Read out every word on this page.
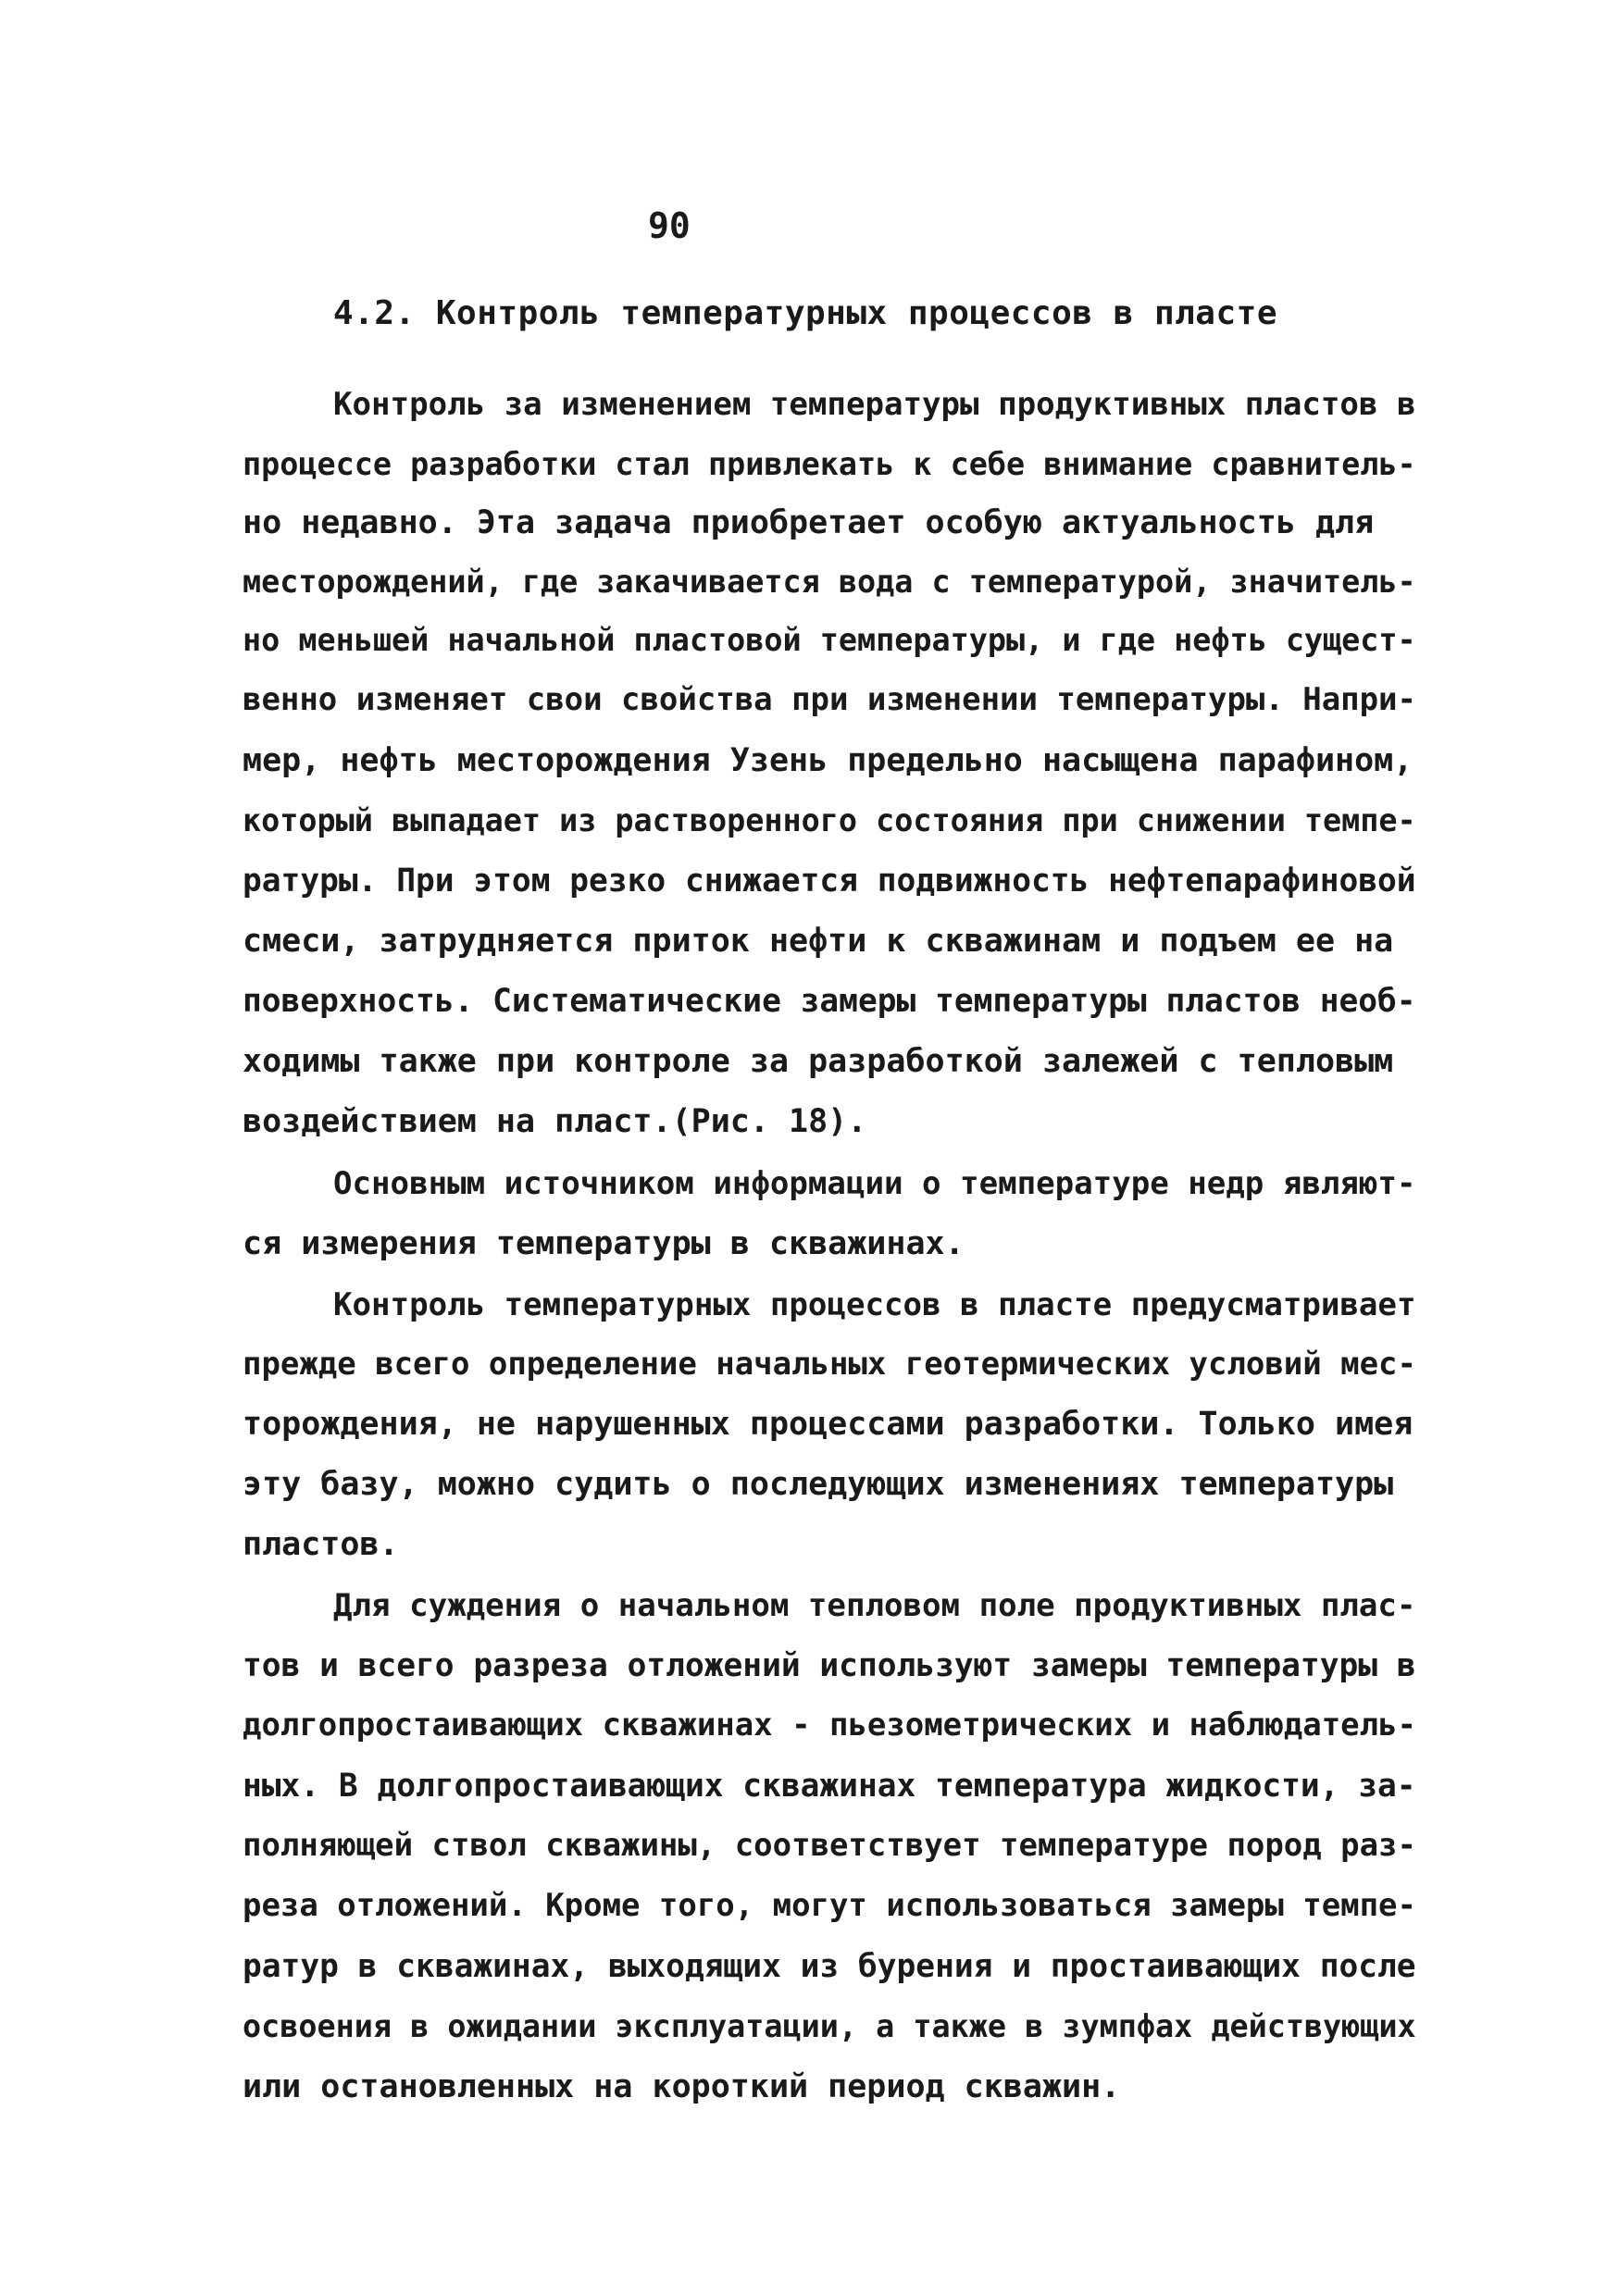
90
4.2. Контроль температурных процессов в пласте
Контроль за изменением температуры продуктивных пластов в
процессе разработки стал привлекать к себе внимание сравнитель-
но недавно. Эта задача приобретает особую актуальность для
месторождений, где закачивается вода с температурой, значитель-
но меньшей начальной пластовой температуры, и где нефть сущест-
венно изменяет свои свойства при изменении температуры. Напри-
мер, нефть месторождения Узень предельно насыщена парафином,
который выпадает из растворенного состояния при снижении темпе-
ратуры. При этом резко снижается подвижность нефтепарафиновой
смеси, затрудняется приток нефти к скважинам и подъем ее на
поверхность. Систематические замеры температуры пластов необ-
ходимы также при контроле за разработкой залежей с тепловым
воздействием на пласт.(Рис. 18).
Основным источником информации о температуре недр являют-
ся измерения температуры в скважинах.
Контроль температурных процессов в пласте предусматривает
прежде всего определение начальных геотермических условий мес-
торождения, не нарушенных процессами разработки. Только имея
эту базу, можно судить о последующих изменениях температуры
пластов.
Для суждения о начальном тепловом поле продуктивных плас-
тов и всего разреза отложений используют замеры температуры в
долгопростаивающих скважинах - пьезометрических и наблюдатель-
ных. В долгопростаивающих скважинах температура жидкости, за-
полняющей ствол скважины, соответствует температуре пород раз-
реза отложений. Кроме того, могут использоваться замеры темпе-
ратур в скважинах, выходящих из бурения и простаивающих после
освоения в ожидании эксплуатации, а также в зумпфах действующих
или остановленных на короткий период скважин.
